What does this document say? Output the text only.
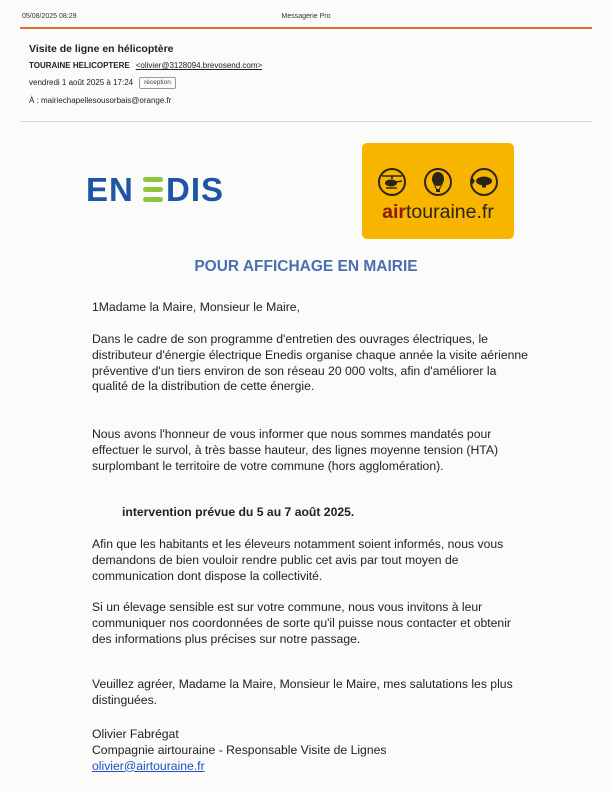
05/08/2025 08:29	Messagerie Pro
Visite de ligne en hélicoptère
TOURAINE HELICOPTERE <olivier@3128094.brevosend.com>
vendredi 1 août 2025 à 17:24 réception
À : mairiechapellesousorbais@orange.fr
EN DIS
airtouraine.fr
POUR AFFICHAGE EN MAIRIE
1Madame la Maire, Monsieur le Maire,
Dans le cadre de son programme d'entretien des ouvrages électriques, le distributeur d'énergie électrique Enedis organise chaque année la visite aérienne préventive d'un tiers environ de son réseau 20 000 volts, afin d'améliorer la qualité de la distribution de cette énergie.
Nous avons l'honneur de vous informer que nous sommes mandatés pour effectuer le survol, à très basse hauteur, des lignes moyenne tension (HTA) surplombant le territoire de votre commune (hors agglomération).
intervention prévue du 5 au 7 août 2025.
Afin que les habitants et les éleveurs notamment soient informés, nous vous demandons de bien vouloir rendre public cet avis par tout moyen de communication dont dispose la collectivité.
Si un élevage sensible est sur votre commune, nous vous invitons à leur communiquer nos coordonnées de sorte qu'il puisse nous contacter et obtenir des informations plus précises sur notre passage.
Veuillez agréer, Madame la Maire, Monsieur le Maire, mes salutations les plus distinguées.
Olivier Fabrégat
Compagnie airtouraine - Responsable Visite de Lignes
olivier@airtouraine.fr
